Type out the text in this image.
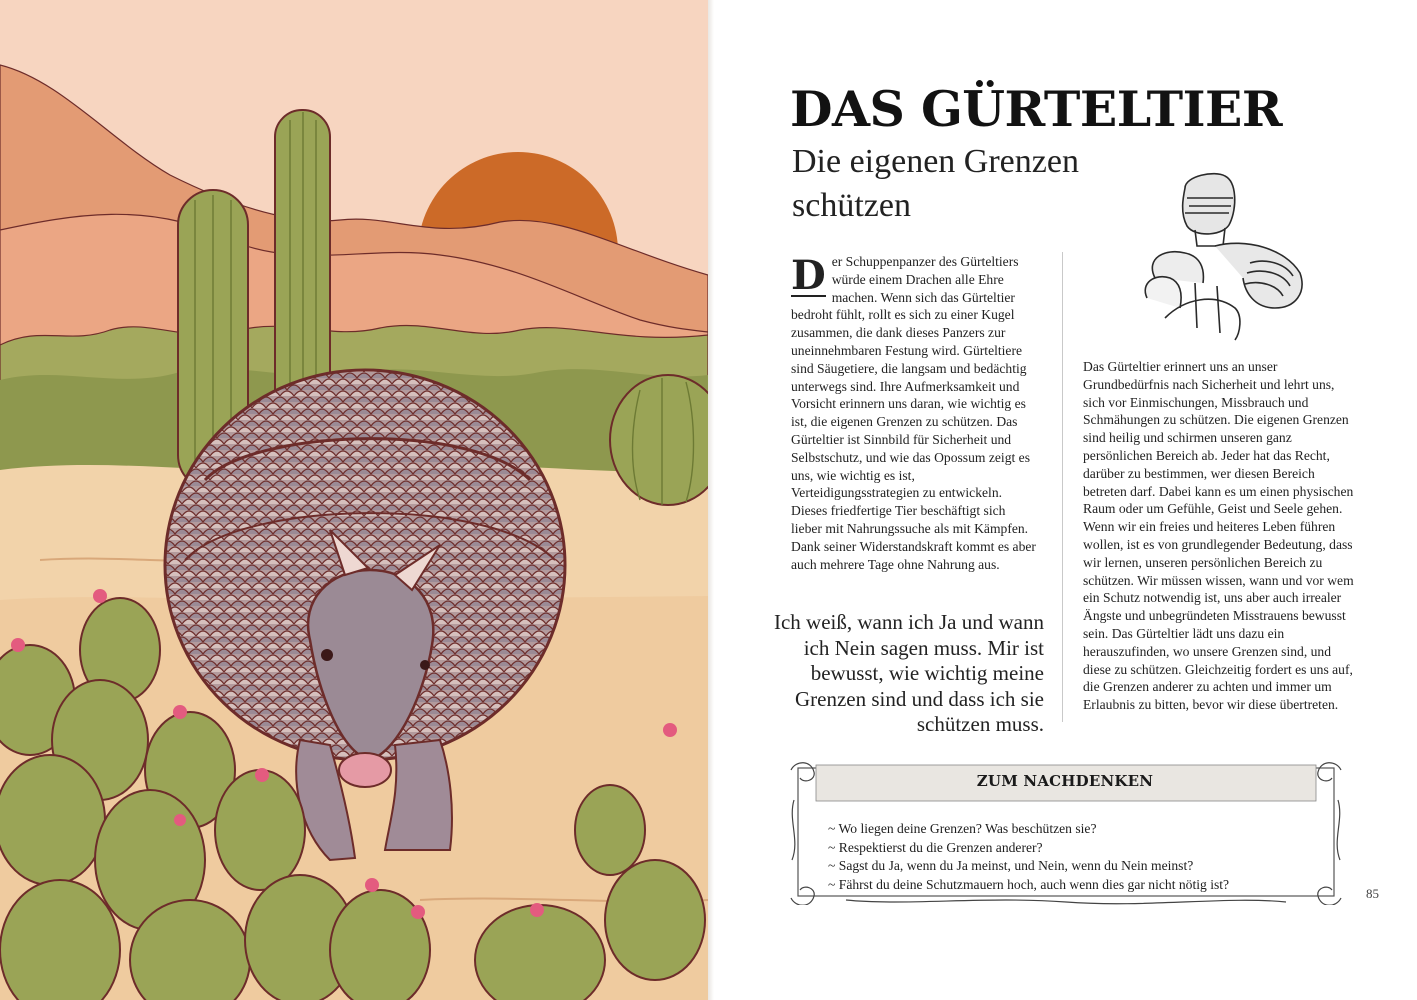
DAS GÜRTELTIER
Die eigenen Grenzen schützen
D er Schuppenpanzer des Gürteltiers würde einem Drachen alle Ehre machen. Wenn sich das Gürteltier bedroht fühlt, rollt es sich zu einer Kugel zusammen, die dank dieses Panzers zur uneinnehmbaren Festung wird. Gürteltiere sind Säugetiere, die langsam und bedächtig unterwegs sind. Ihre Aufmerksamkeit und Vorsicht erinnern uns daran, wie wichtig es ist, die eigenen Grenzen zu schützen. Das Gürteltier ist Sinnbild für Sicherheit und Selbstschutz, und wie das Opossum zeigt es uns, wie wichtig es ist, Verteidigungsstrategien zu entwickeln. Dieses friedfertige Tier beschäftigt sich lieber mit Nahrungssuche als mit Kämpfen. Dank seiner Widerstandskraft kommt es aber auch mehrere Tage ohne Nahrung aus.
Das Gürteltier erinnert uns an unser Grundbedürfnis nach Sicherheit und lehrt uns, sich vor Einmischungen, Missbrauch und Schmähungen zu schützen. Die eigenen Grenzen sind heilig und schirmen unseren ganz persönlichen Bereich ab. Jeder hat das Recht, darüber zu bestimmen, wer diesen Bereich betreten darf. Dabei kann es um einen physischen Raum oder um Gefühle, Geist und Seele gehen. Wenn wir ein freies und heiteres Leben führen wollen, ist es von grundlegender Bedeutung, dass wir lernen, unseren persönlichen Bereich zu schützen. Wir müssen wissen, wann und vor wem ein Schutz notwendig ist, uns aber auch irrealer Ängste und unbegründeten Misstrauens bewusst sein. Das Gürteltier lädt uns dazu ein herauszufinden, wo unsere Grenzen sind, und diese zu schützen. Gleichzeitig fordert es uns auf, die Grenzen anderer zu achten und immer um Erlaubnis zu bitten, bevor wir diese übertreten.
Ich weiß, wann ich Ja und wann ich Nein sagen muss. Mir ist bewusst, wie wichtig meine Grenzen sind und dass ich sie schützen muss.
ZUM NACHDENKEN
~ Wo liegen deine Grenzen? Was beschützen sie?
~ Respektierst du die Grenzen anderer?
~ Sagst du Ja, wenn du Ja meinst, und Nein, wenn du Nein meinst?
~ Fährst du deine Schutzmauern hoch, auch wenn dies gar nicht nötig ist?
85
